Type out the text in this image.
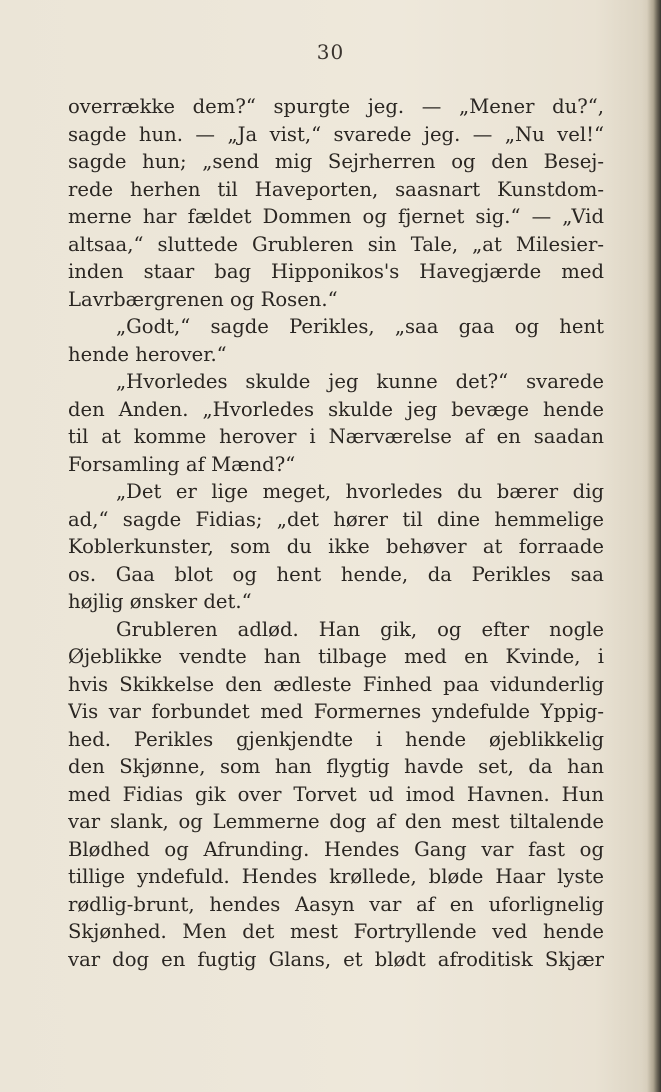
30
overrække dem?“ spurgte jeg. — „Mener du?“,
sagde hun. — „Ja vist,“ svarede jeg. — „Nu vel!“
sagde hun; „send mig Sejrherren og den Besej-
rede herhen til Haveporten, saasnart Kunstdom-
merne har fældet Dommen og fjernet sig.“ — „Vid
altsaa,“ sluttede Grubleren sin Tale, „at Milesier-
inden staar bag Hipponikos's Havegjærde med
Lavrbærgrenen og Rosen.“
„Godt,“ sagde Perikles, „saa gaa og hent
hende herover.“
„Hvorledes skulde jeg kunne det?“ svarede
den Anden. „Hvorledes skulde jeg bevæge hende
til at komme herover i Nærværelse af en saadan
Forsamling af Mænd?“
„Det er lige meget, hvorledes du bærer dig
ad,“ sagde Fidias; „det hører til dine hemmelige
Koblerkunster, som du ikke behøver at forraade
os. Gaa blot og hent hende, da Perikles saa
højlig ønsker det.“
Grubleren adlød. Han gik, og efter nogle
Øjeblikke vendte han tilbage med en Kvinde, i
hvis Skikkelse den ædleste Finhed paa vidunderlig
Vis var forbundet med Formernes yndefulde Yppig-
hed. Perikles gjenkjendte i hende øjeblikkelig
den Skjønne, som han flygtig havde set, da han
med Fidias gik over Torvet ud imod Havnen. Hun
var slank, og Lemmerne dog af den mest tiltalende
Blødhed og Afrunding. Hendes Gang var fast og
tillige yndefuld. Hendes krøllede, bløde Haar lyste
rødlig-brunt, hendes Aasyn var af en uforlignelig
Skjønhed. Men det mest Fortryllende ved hende
var dog en fugtig Glans, et blødt afroditisk Skjær
